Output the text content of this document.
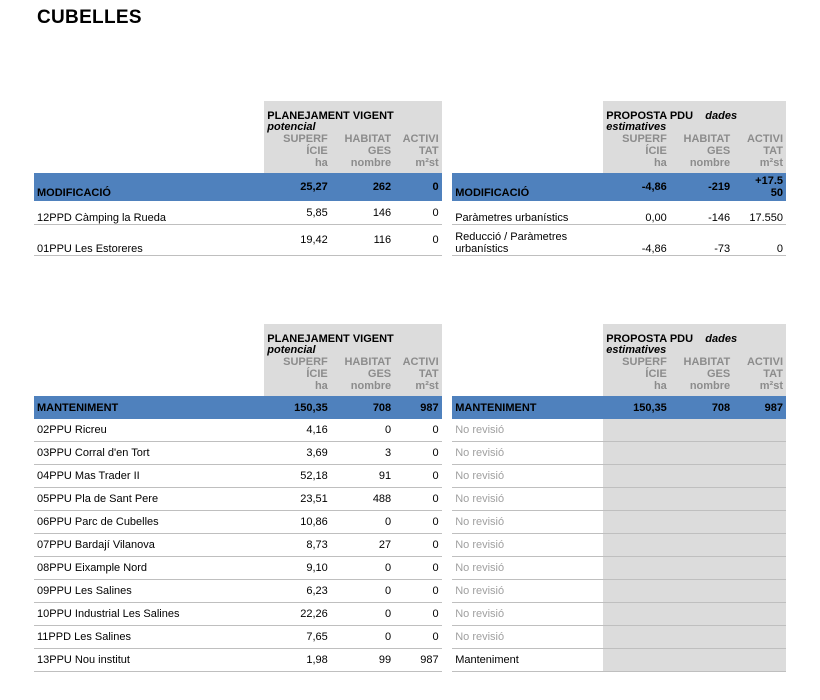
CUBELLES

PLANEJAMENT VIGENT
potencial
SUPERF
ÍCIE
ha	HABITAT
GES
nombre	ACTIVI
TAT
m²st

PROPOSTA PDU dades
estimatives
SUPERF
ÍCIE
ha	HABITAT
GES
nombre	ACTIVI
TAT
m²st

MODIFICACIÓ	25,27	262	0		MODIFICACIÓ	-4,86	-219	+17.5
50
12PPD Càmping la Rueda	5,85	146	0		Paràmetres urbanístics	0,00	-146	17.550
01PPU Les Estoreres	19,42	116	0		Reducció / Paràmetres
urbanístics	-4,86	-73	0

PLANEJAMENT VIGENT
potencial
SUPERF
ÍCIE
ha	HABITAT
GES
nombre	ACTIVI
TAT
m²st

PROPOSTA PDU dades
estimatives
SUPERF
ÍCIE
ha	HABITAT
GES
nombre	ACTIVI
TAT
m²st

MANTENIMENT	150,35	708	987		MANTENIMENT	150,35	708	987
02PPU Ricreu	4,16	0	0		No revisió			
03PPU Corral d'en Tort	3,69	3	0		No revisió			
04PPU Mas Trader II	52,18	91	0		No revisió			
05PPU Pla de Sant Pere	23,51	488	0		No revisió			
06PPU Parc de Cubelles	10,86	0	0		No revisió			
07PPU Bardají Vilanova	8,73	27	0		No revisió			
08PPU Eixample Nord	9,10	0	0		No revisió			
09PPU Les Salines	6,23	0	0		No revisió			
10PPU Industrial Les Salines	22,26	0	0		No revisió			
11PPD Les Salines	7,65	0	0		No revisió			
13PPU Nou institut	1,98	99	987		Manteniment			
